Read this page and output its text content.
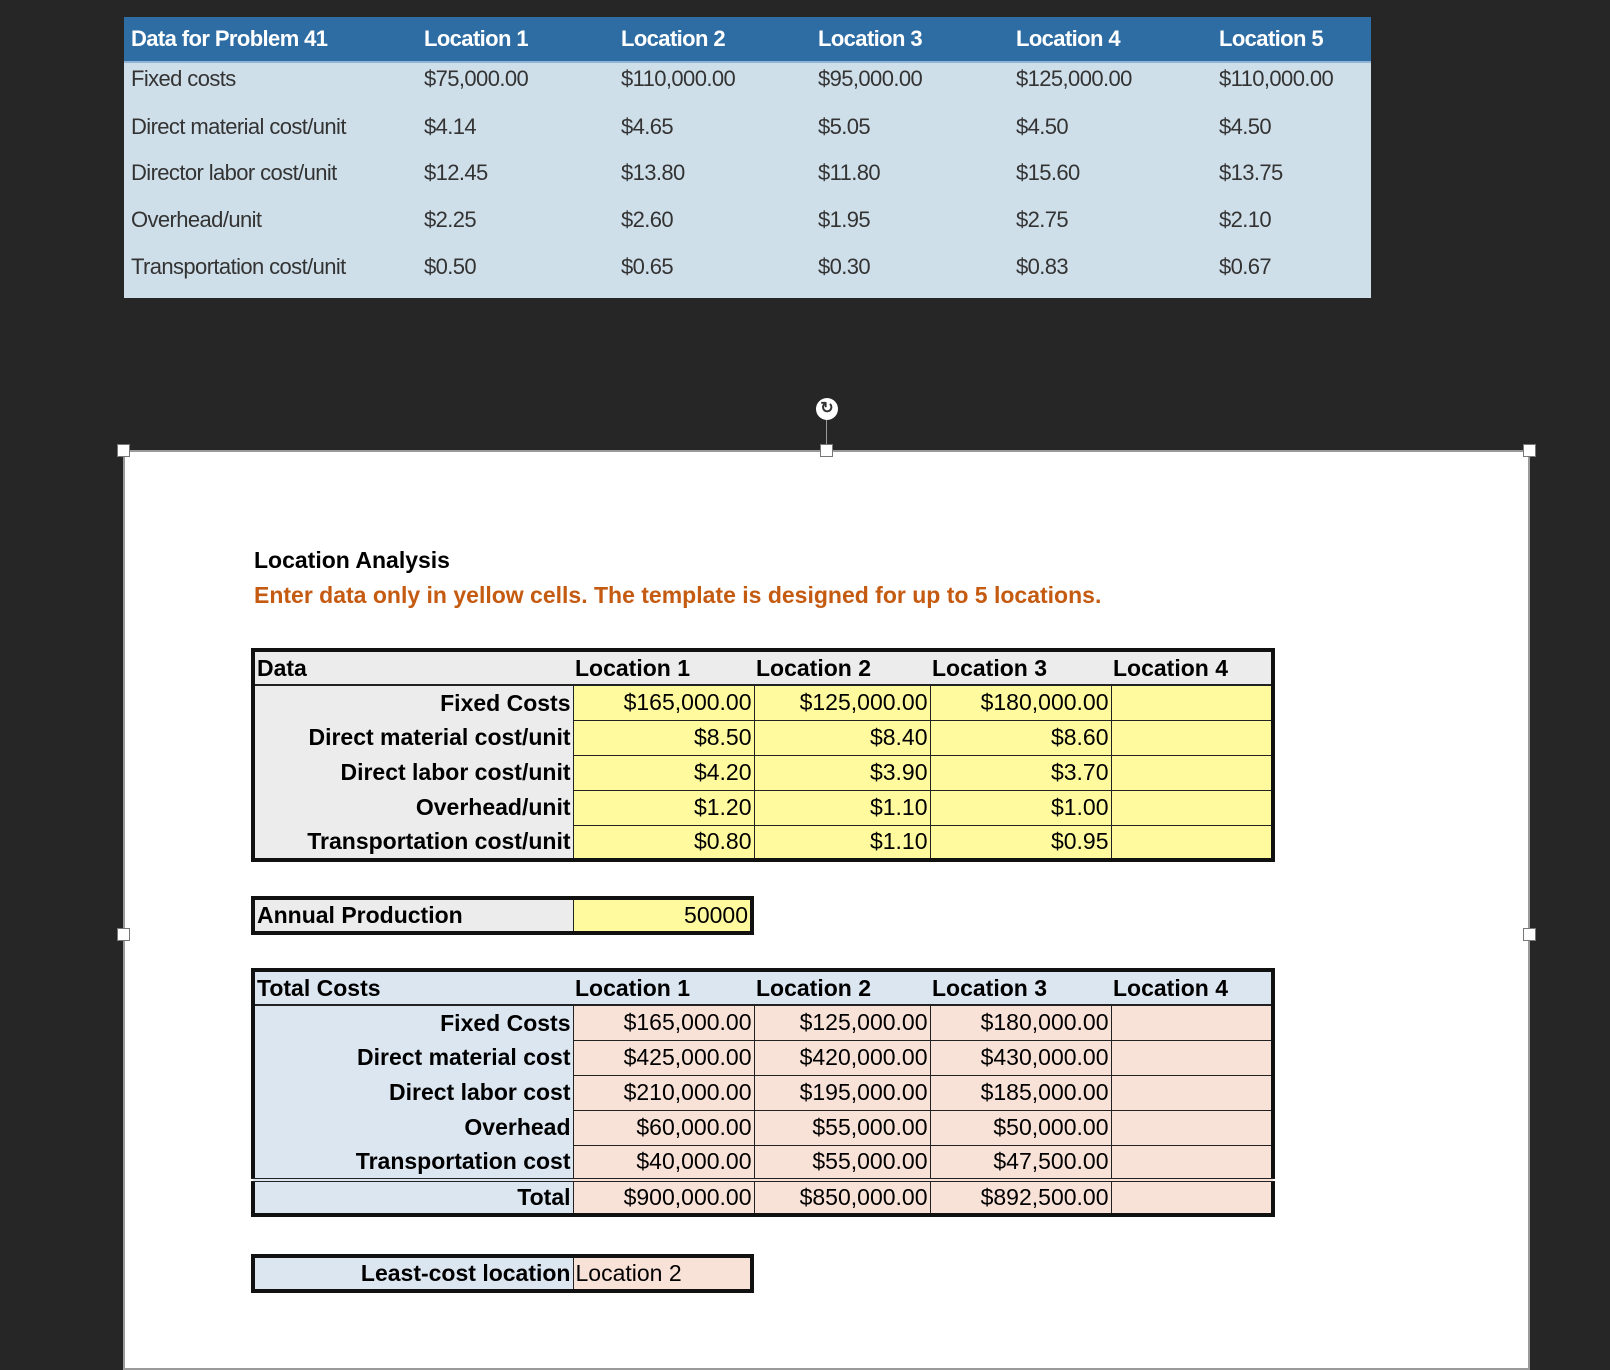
Data for Problem 41	Location 1	Location 2	Location 3	Location 4	Location 5
Fixed costs	$75,000.00	$110,000.00	$95,000.00	$125,000.00	$110,000.00
Direct material cost/unit	$4.14	$4.65	$5.05	$4.50	$4.50
Director labor cost/unit	$12.45	$13.80	$11.80	$15.60	$13.75
Overhead/unit	$2.25	$2.60	$1.95	$2.75	$2.10
Transportation cost/unit	$0.50	$0.65	$0.30	$0.83	$0.67
↻
Location Analysis
Enter data only in yellow cells. The template is designed for up to 5 locations.
Data	Location 1	Location 2	Location 3	Location 4
Fixed Costs	$165,000.00	$125,000.00	$180,000.00	
Direct material cost/unit	$8.50	$8.40	$8.60	
Direct labor cost/unit	$4.20	$3.90	$3.70	
Overhead/unit	$1.20	$1.10	$1.00	
Transportation cost/unit	$0.80	$1.10	$0.95	
Annual Production	50000
Total Costs	Location 1	Location 2	Location 3	Location 4
Fixed Costs	$165,000.00	$125,000.00	$180,000.00	
Direct material cost	$425,000.00	$420,000.00	$430,000.00	
Direct labor cost	$210,000.00	$195,000.00	$185,000.00	
Overhead	$60,000.00	$55,000.00	$50,000.00	
Transportation cost	$40,000.00	$55,000.00	$47,500.00	
Total	$900,000.00	$850,000.00	$892,500.00	
Least-cost location	Location 2
